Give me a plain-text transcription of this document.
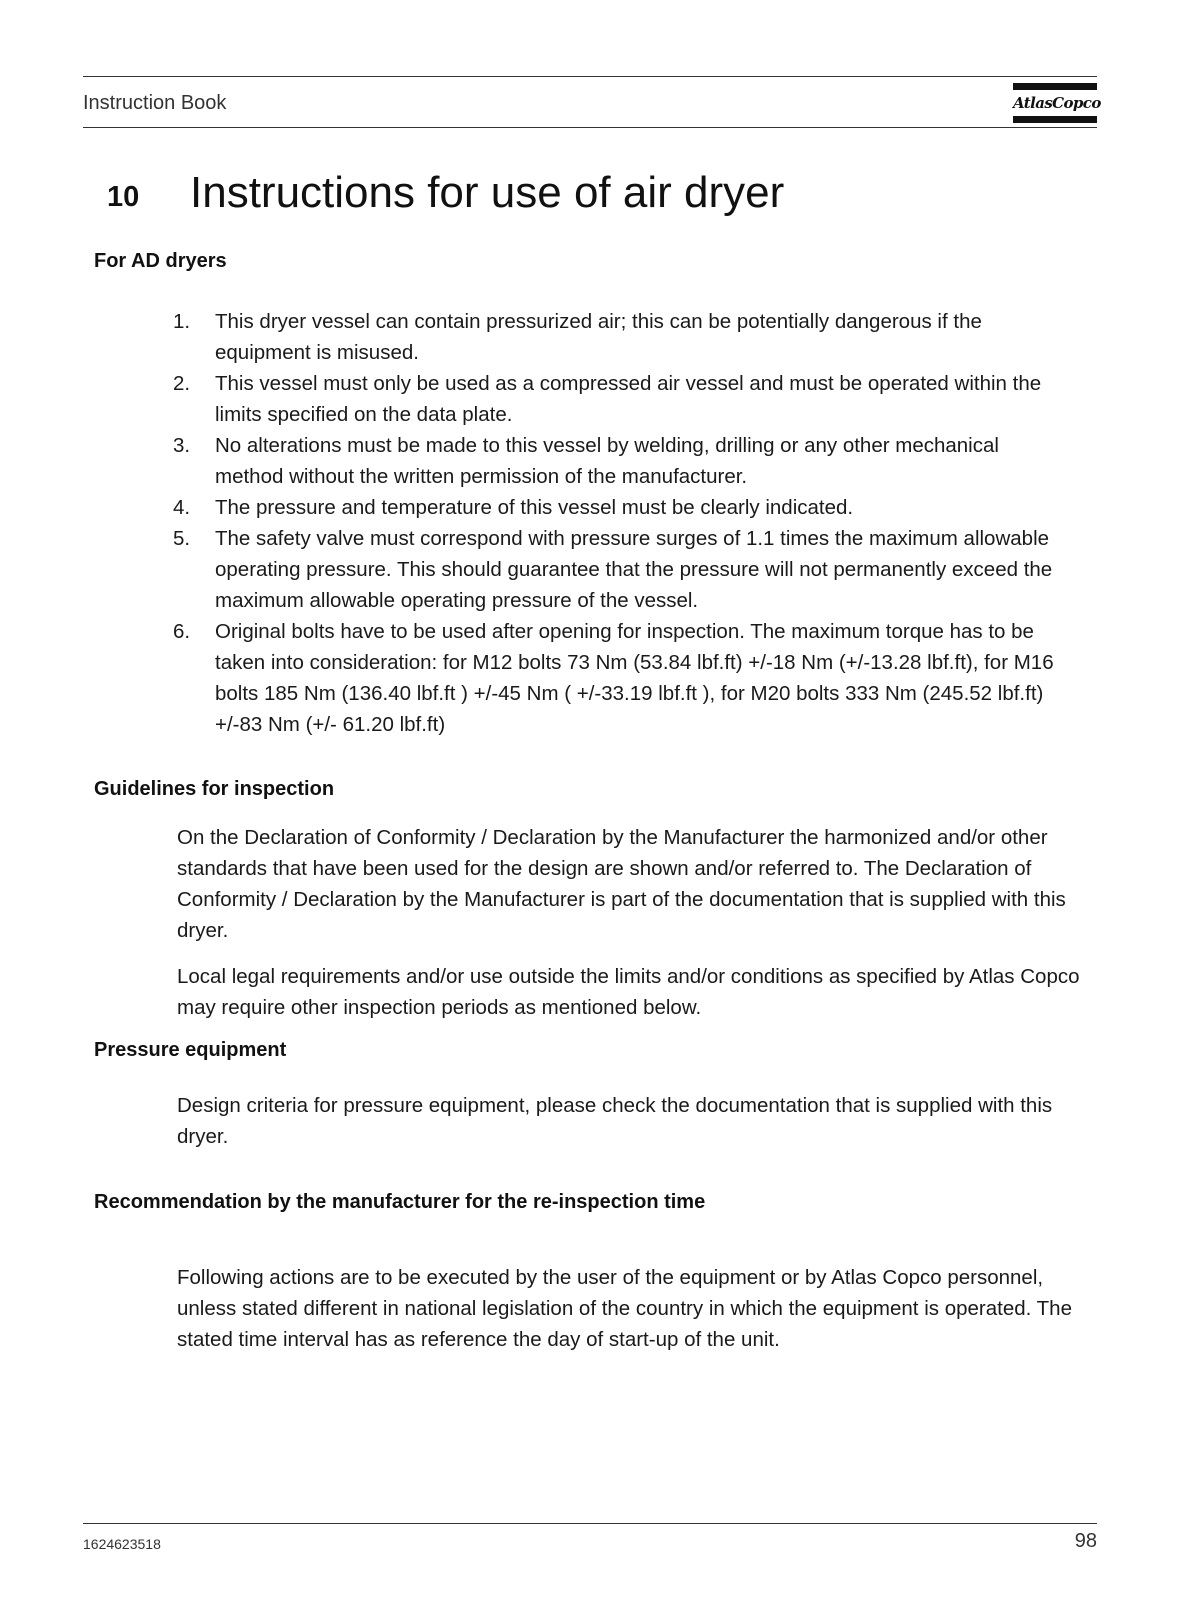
Instruction Book	AtlasCopco
10 Instructions for use of air dryer
For AD dryers
1. This dryer vessel can contain pressurized air; this can be potentially dangerous if the equipment is misused.
2. This vessel must only be used as a compressed air vessel and must be operated within the limits specified on the data plate.
3. No alterations must be made to this vessel by welding, drilling or any other mechanical method without the written permission of the manufacturer.
4. The pressure and temperature of this vessel must be clearly indicated.
5. The safety valve must correspond with pressure surges of 1.1 times the maximum allowable operating pressure. This should guarantee that the pressure will not permanently exceed the maximum allowable operating pressure of the vessel.
6. Original bolts have to be used after opening for inspection. The maximum torque has to be taken into consideration: for M12 bolts 73 Nm (53.84 lbf.ft) +/-18 Nm (+/-13.28 lbf.ft), for M16 bolts 185 Nm (136.40 lbf.ft ) +/-45 Nm ( +/-33.19 lbf.ft ), for M20 bolts 333 Nm (245.52 lbf.ft) +/-83 Nm (+/- 61.20 lbf.ft)
Guidelines for inspection

On the Declaration of Conformity / Declaration by the Manufacturer the harmonized and/or other standards that have been used for the design are shown and/or referred to. The Declaration of Conformity / Declaration by the Manufacturer is part of the documentation that is supplied with this dryer.

Local legal requirements and/or use outside the limits and/or conditions as specified by Atlas Copco may require other inspection periods as mentioned below.

Pressure equipment

Design criteria for pressure equipment, please check the documentation that is supplied with this dryer.

Recommendation by the manufacturer for the re-inspection time

Following actions are to be executed by the user of the equipment or by Atlas Copco personnel, unless stated different in national legislation of the country in which the equipment is operated. The stated time interval has as reference the day of start-up of the unit.

1624623518	98
